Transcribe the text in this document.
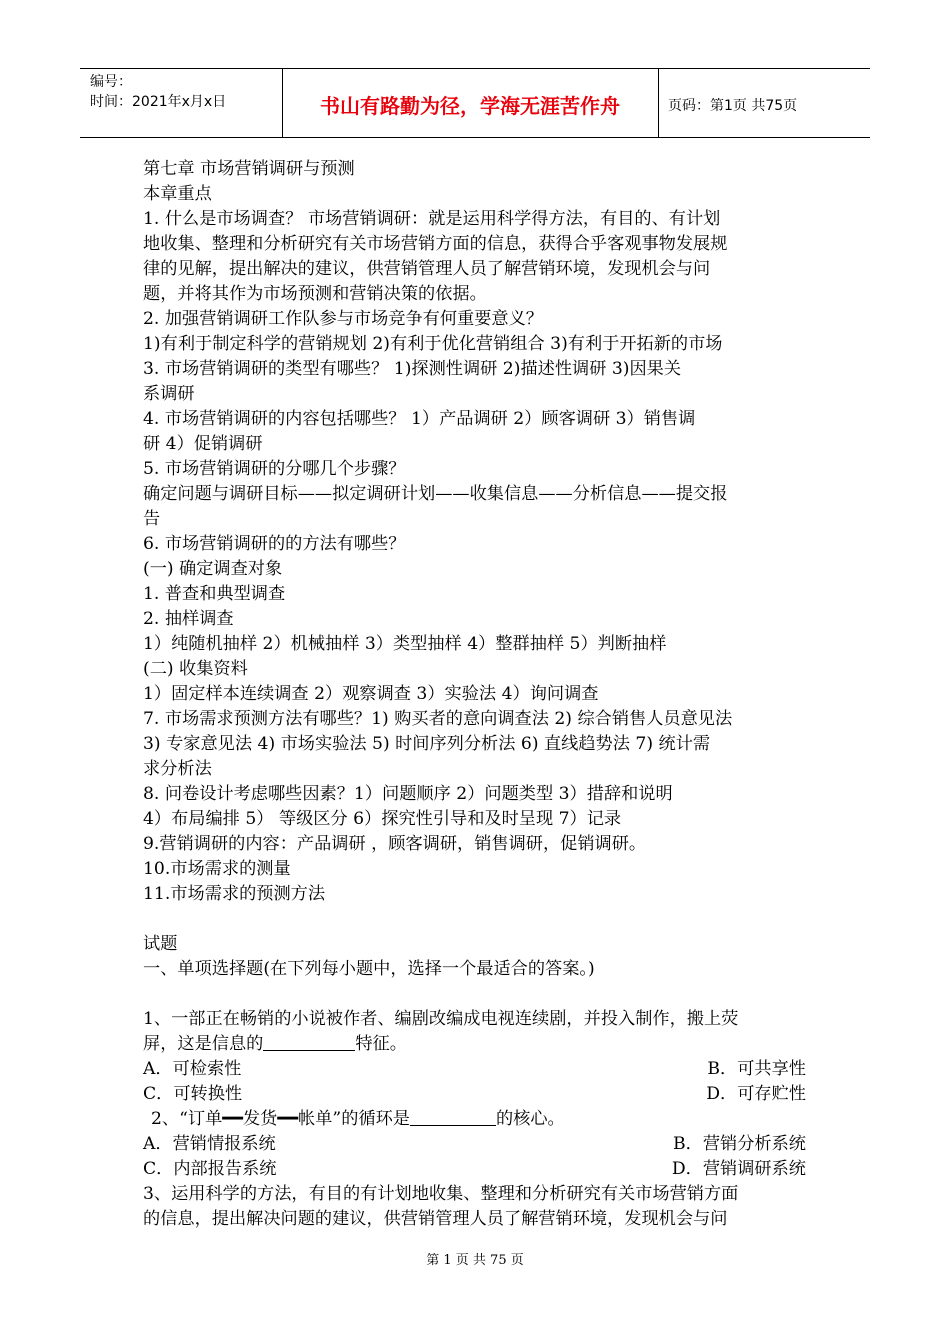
编号：
时间：2021年x月x日	书山有路勤为径，学海无涯苦作舟	页码：第1页 共75页
第七章 市场营销调研与预测
本章重点
1. 什么是市场调查？ 市场营销调研：就是运用科学得方法，有目的、有计划
地收集、整理和分析研究有关市场营销方面的信息，获得合乎客观事物发展规
律的见解，提出解决的建议，供营销管理人员了解营销环境，发现机会与问
题，并将其作为市场预测和营销决策的依据。
2. 加强营销调研工作队参与市场竞争有何重要意义？
1)有利于制定科学的营销规划 2)有利于优化营销组合 3)有利于开拓新的市场
3. 市场营销调研的类型有哪些？ 1)探测性调研 2)描述性调研 3)因果关
系调研
4. 市场营销调研的内容包括哪些？ 1）产品调研 2）顾客调研 3）销售调
研 4）促销调研
5. 市场营销调研的分哪几个步骤？
确定问题与调研目标——拟定调研计划——收集信息——分析信息——提交报
告
6. 市场营销调研的的方法有哪些？
(一) 确定调查对象
1. 普查和典型调查
2. 抽样调查
1）纯随机抽样 2）机械抽样 3）类型抽样 4）整群抽样 5）判断抽样
(二) 收集资料
1）固定样本连续调查 2）观察调查 3）实验法 4）询问调查
7. 市场需求预测方法有哪些？1) 购买者的意向调查法 2) 综合销售人员意见法
3) 专家意见法 4) 市场实验法 5) 时间序列分析法 6) 直线趋势法 7) 统计需
求分析法
8. 问卷设计考虑哪些因素？1）问题顺序 2）问题类型 3）措辞和说明
4）布局编排 5） 等级区分 6）探究性引导和及时呈现 7）记录
9.营销调研的内容：产品调研 ，顾客调研，销售调研，促销调研。
10.市场需求的测量
11.市场需求的预测方法
试题
一、单项选择题(在下列每小题中，选择一个最适合的答案。)
1、一部正在畅销的小说被作者、编剧改编成电视连续剧，并投入制作，搬上荧
屏，这是信息的	特征。
A．可检索性	B．可共享性
C．可转换性	D．可存贮性
2、“订单━━发货━━帐单”的循环是	的核心。
A．营销情报系统	B．营销分析系统
C．内部报告系统	D．营销调研系统
3、运用科学的方法，有目的有计划地收集、整理和分析研究有关市场营销方面
的信息，提出解决问题的建议，供营销管理人员了解营销环境，发现机会与问
第 1 页 共 75 页
